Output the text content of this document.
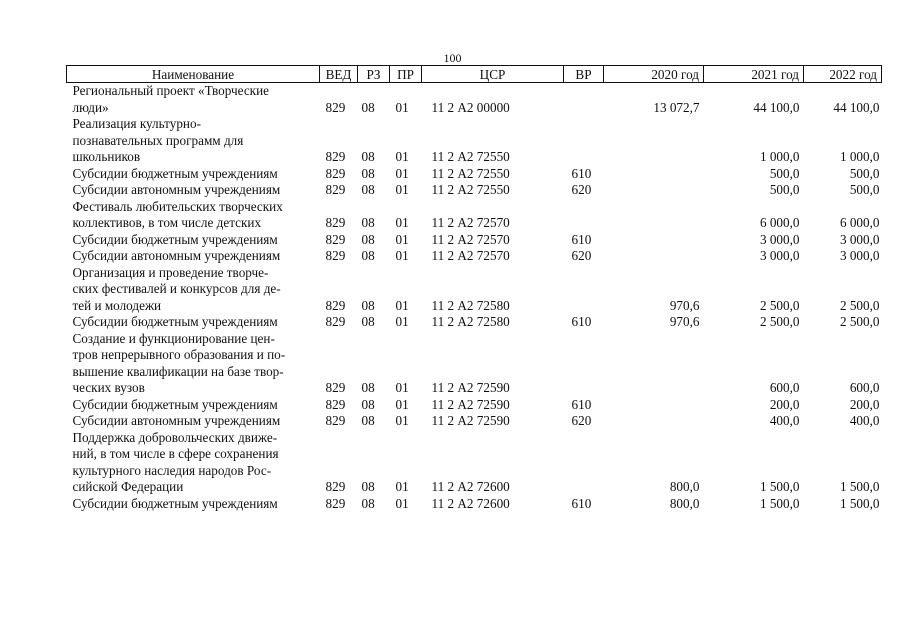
100
Наименование	ВЕД	РЗ	ПР	ЦСР	ВР	2020 год	2021 год	2022 год
Региональный проект «Творческие								
люди»	829	08	01	11 2 А2 00000		13 072,7	44 100,0	44 100,0
Реализация культурно-								
познавательных программ для								
школьников	829	08	01	11 2 А2 72550			1 000,0	1 000,0
Субсидии бюджетным учреждениям	829	08	01	11 2 А2 72550	610		500,0	500,0
Субсидии автономным учреждениям	829	08	01	11 2 А2 72550	620		500,0	500,0
Фестиваль любительских творческих								
коллективов, в том числе детских	829	08	01	11 2 А2 72570			6 000,0	6 000,0
Субсидии бюджетным учреждениям	829	08	01	11 2 А2 72570	610		3 000,0	3 000,0
Субсидии автономным учреждениям	829	08	01	11 2 А2 72570	620		3 000,0	3 000,0
Организация и проведение творче-								
ских фестивалей и конкурсов для де-								
тей и молодежи	829	08	01	11 2 А2 72580		970,6	2 500,0	2 500,0
Субсидии бюджетным учреждениям	829	08	01	11 2 А2 72580	610	970,6	2 500,0	2 500,0
Создание и функционирование цен-								
тров непрерывного образования и по-								
вышение квалификации на базе твор-								
ческих вузов	829	08	01	11 2 А2 72590			600,0	600,0
Субсидии бюджетным учреждениям	829	08	01	11 2 А2 72590	610		200,0	200,0
Субсидии автономным учреждениям	829	08	01	11 2 А2 72590	620		400,0	400,0
Поддержка добровольческих движе-								
ний, в том числе в сфере сохранения								
культурного наследия народов Рос-								
сийской Федерации	829	08	01	11 2 А2 72600		800,0	1 500,0	1 500,0
Субсидии бюджетным учреждениям	829	08	01	11 2 А2 72600	610	800,0	1 500,0	1 500,0
